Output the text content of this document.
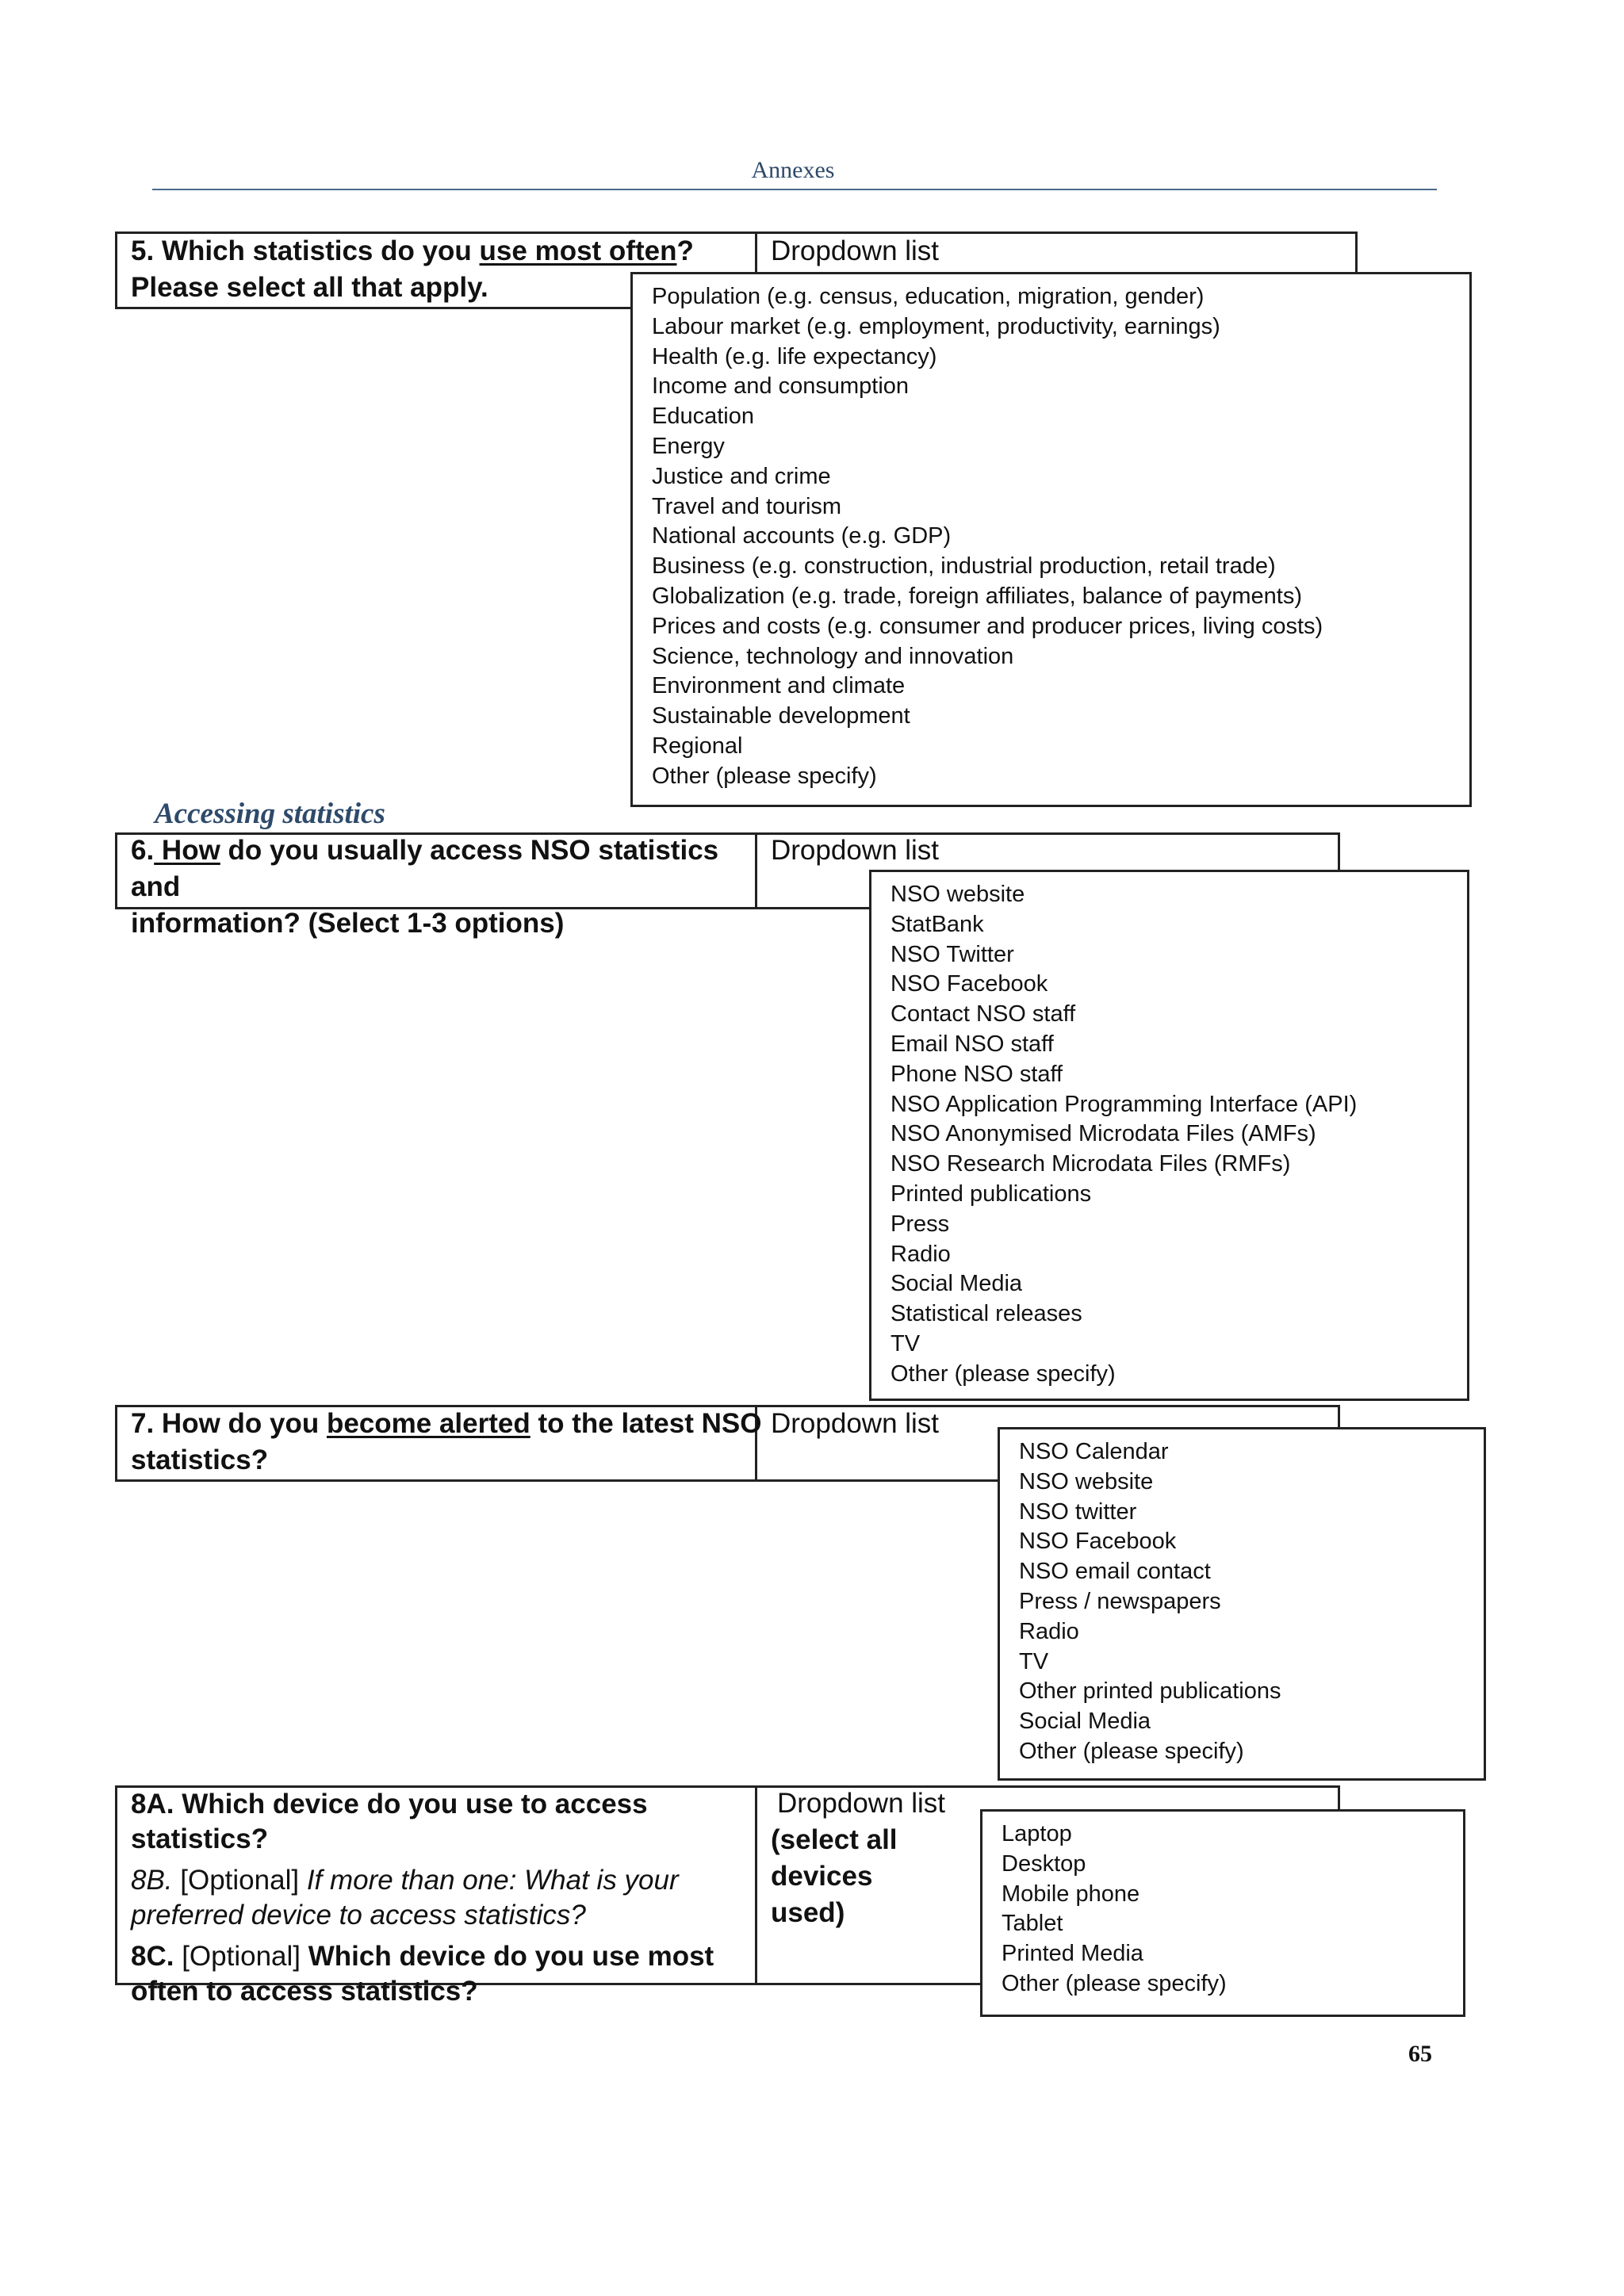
Annexes
5. Which statistics do you use most often?
Please select all that apply.
Dropdown list
Population (e.g. census, education, migration, gender)
Labour market (e.g. employment, productivity, earnings)
Health (e.g. life expectancy)
Income and consumption
Education
Energy
Justice and crime
Travel and tourism
National accounts (e.g. GDP)
Business (e.g. construction, industrial production, retail trade)
Globalization (e.g. trade, foreign affiliates, balance of payments)
Prices and costs (e.g. consumer and producer prices, living costs)
Science, technology and innovation
Environment and climate
Sustainable development
Regional
Other (please specify)
Accessing statistics
6. How do you usually access NSO statistics and
information? (Select 1-3 options)
Dropdown list
NSO website
StatBank
NSO Twitter
NSO Facebook
Contact NSO staff
Email NSO staff
Phone NSO staff
NSO Application Programming Interface (API)
NSO Anonymised Microdata Files (AMFs)
NSO Research Microdata Files (RMFs)
Printed publications
Press
Radio
Social Media
Statistical releases
TV
Other (please specify)
7. How do you become alerted to the latest NSO
statistics?
Dropdown list
NSO Calendar
NSO website
NSO twitter
NSO Facebook
NSO email contact
Press / newspapers
Radio
TV
Other printed publications
Social Media
Other (please specify)

8A. Which device do you use to access statistics?

8B. [Optional] If more than one: What is your preferred device to access statistics?

8C. [Optional] Which device do you use most often to access statistics?

Dropdown list
(select all devices used)
Laptop
Desktop
Mobile phone
Tablet
Printed Media
Other (please specify)
65
